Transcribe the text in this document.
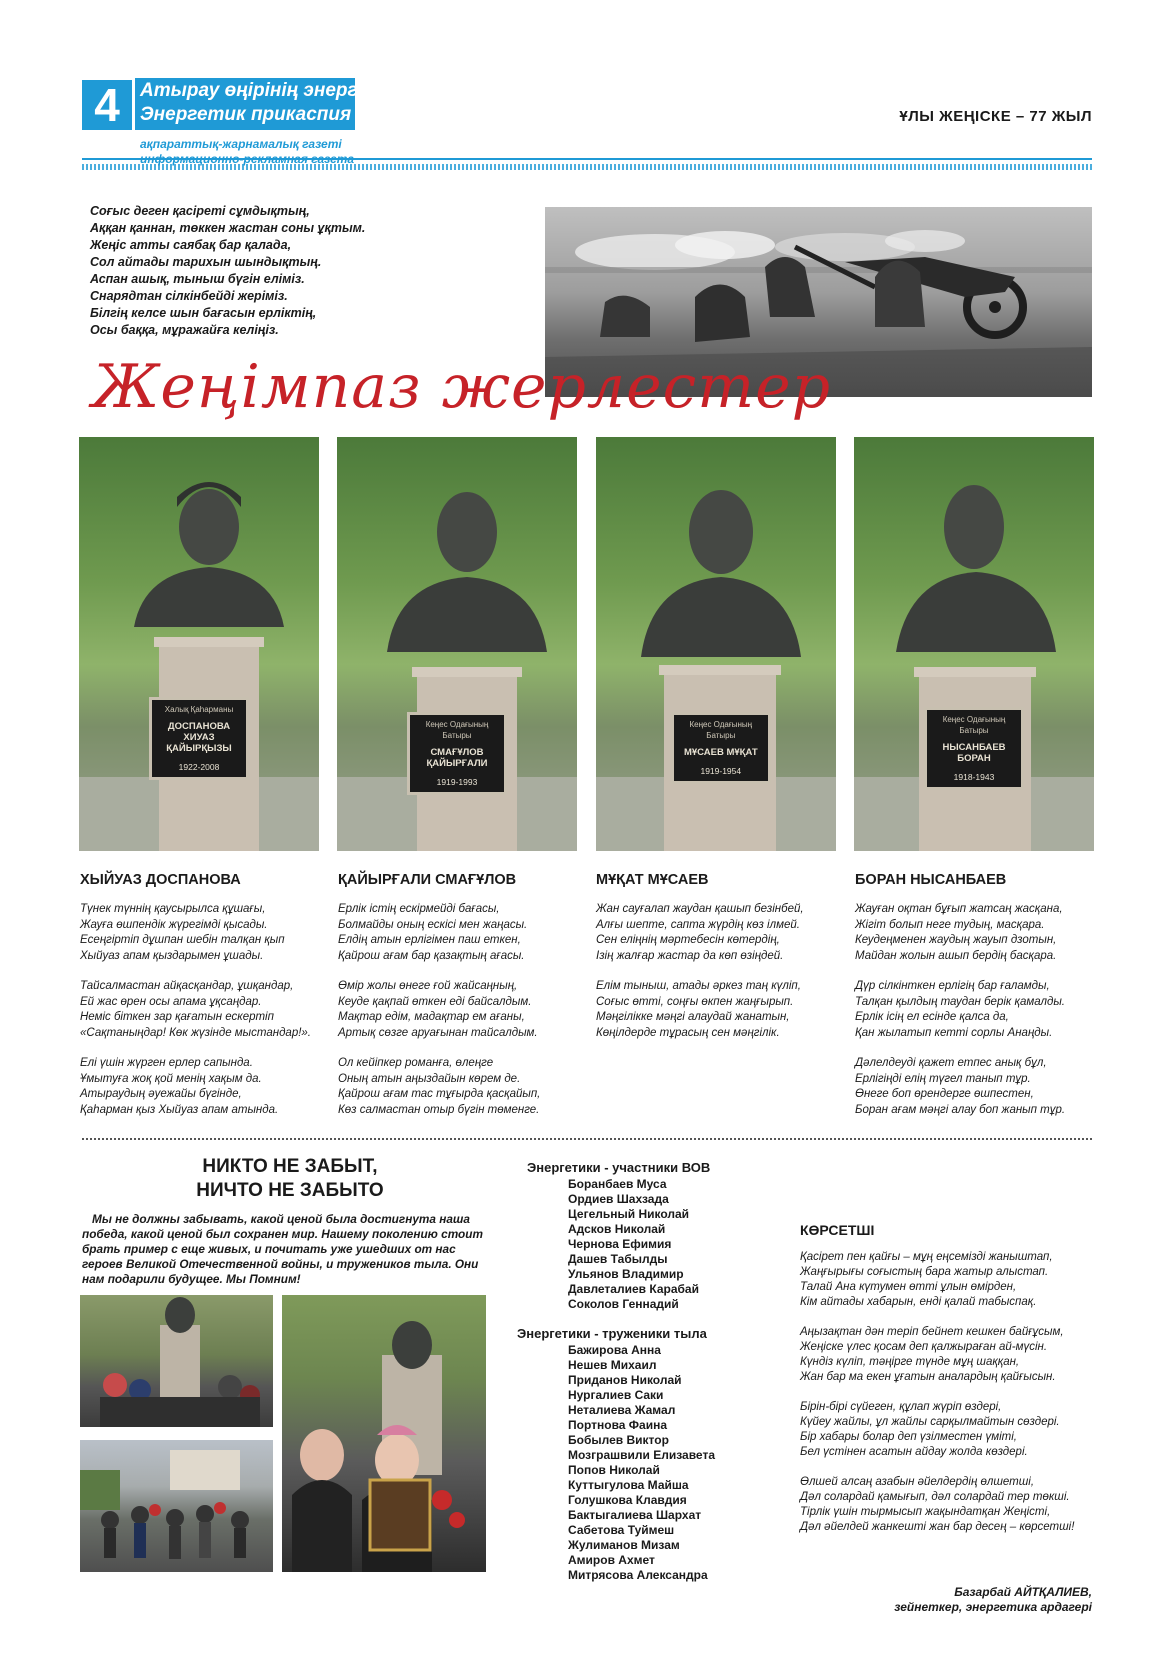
4	Атырау өңірінің энергетигі
Энергетик прикаспия
ақпараттық-жарнамалық газеті
ҰЛЫ ЖЕҢІСКЕ – 77 ЖЫЛ
Соғыс деген қасіреті сұмдықтың,
Аққан қаннан, төккен жастан соны ұқтым.
Жеңіс атты саябақ бар қалада,
Сол айтады тарихын шындықтың.
Аспан ашық, тыныш бүгін еліміз.
Снарядтан сілкінбейді жеріміз.
Білгің келсе шын бағасын ерліктің,
Осы баққа, мұражайға келіңіз.
Жеңімпаз жерлестер
Халық Қаһарманы
ДОСПАНОВА ХИУАЗ ҚАЙЫРҚЫЗЫ
1922-2008
Кеңес Одағының Батыры
СМАҒҰЛОВ ҚАЙЫРҒАЛИ
1919-1993
Кеңес Одағының Батыры
МҰСАЕВ МҰҚАТ
1919-1954
Кеңес Одағының Батыры
НЫСАНБАЕВ БОРАН
1918-1943
ХЫЙУАЗ ДОСПАНОВА	ҚАЙЫРҒАЛИ СМАҒҰЛОВ	МҰҚАТ МҰСАЕВ	БОРАН НЫСАНБАЕВ
Түнек түннің қаусырылса құшағы,
Жауға өшпендік жүрегімді қысады.
Есеңгіртіп дұшпан шебін талқан қып
Хыйуаз апам қыздарымен ұшады.
Тайсалмастан айқасқандар, ұшқандар,
Ей жас өрен осы апама ұқсаңдар.
Неміс біткен зар қағатын ескертіп
«Сақтаныңдар! Көк жүзінде мыстандар!».
Елі үшін жүрген ерлер сапында.
Ұмытуға жоқ қой менің хақым да.
Атыраудың әуежайы бүгінде,
Қаһарман қыз Хыйуаз апам атында.
Ерлік істің ескірмейді бағасы,
Болмайды оның ескісі мен жаңасы.
Елдің атын ерлігімен паш еткен,
Қайрош ағам бар қазақтың ағасы.
Өмір жолы өнеге ғой жайсаңның,
Кеуде қақпай өткен еді байсалдым.
Мақтар едім, мадақтар ем ағаны,
Артық сөзге аруағынан тайсалдым.
Ол кейіпкер романға, өлеңге
Оның атын аңыздайын көрем де.
Қайрош ағам тас тұғырда қасқайып,
Көз салмастан отыр бүгін төменге.
Жан сауғалап жаудан қашып безінбей,
Алғы шепте, сапта жүрдің көз ілмей.
Сен еліңнің мәртебесін көтердің,
Ізің жалғар жастар да көп өзіңдей.
Елім тыныш, атады әркез таң күліп,
Соғыс өтті, соңғы өкпен жаңғырып.
Мәңгілікке мәңгі алаудай жанатын,
Көңілдерде тұрасың сен мәңгілік.
Жауған оқтан бұғып жатсаң жасқана,
Жігіт болып неге тудың, масқара.
Кеудеңменен жаудың жауып дзотын,
Майдан жолын ашып бердің басқара.
Дүр сілкінткен ерлігің бар ғаламды,
Талқан қылдың таудан берік қамалды.
Ерлік ісің ел есінде қалса да,
Қан жылатып кетті сорлы Анаңды.
Дәлелдеуді қажет етпес анық бұл,
Ерлігіңді елің түгел танып тұр.
Өнеге боп өрендерге өшпестен,
Боран ағам мәңгі алау боп жанып тұр.
НИКТО НЕ ЗАБЫТ,
НИЧТО НЕ ЗАБЫТО
Мы не должны забывать, какой ценой была достигнута наша победа, какой ценой был сохранен мир. Нашему поколению стоит брать пример с еще живых, и почитать уже ушедших от нас героев Великой Отечественной войны, и тружеников тыла. Они нам подарили будущее. Мы Помним!
Энергетики - участники ВОВ
Боранбаев Муса
Ордиев Шахзада
Цегельный Николай
Адсков Николай
Чернова Ефимия
Дашев Табылды
Ульянов Владимир
Давлеталиев Карабай
Соколов Геннадий
Энергетики - труженики тыла
Бажирова Анна
Нешев Михаил
Приданов Николай
Нургалиев Саки
Неталиева Жамал
Портнова Фаина
Бобылев Виктор
Мозграшвили Елизавета
Попов Николай
Куттыгулова Майша
Голушкова Клавдия
Бактыгалиева Шархат
Сабетова Туймеш
Жулиманов Мизам
Амиров Ахмет
Митрясова Александра
КӨРСЕТШІ
Қасірет пен қайғы – мұң еңсемізді жаныштап,
Жаңғырығы соғыстың бара жатыр алыстап.
Талай Ана күтумен өтті ұлын өмірден,
Кім айтады хабарын, енді қалай табыспақ.
Аңызақтан дән теріп бейнет кешкен байғұсым,
Жеңіске үлес қосам деп қалжыраған ай-мүсін.
Күндіз күліп, тәңірге түнде мұң шаққан,
Жан бар ма екен ұғатын аналардың қайғысын.
Бірін-бірі сүйеген, құлап жүріп өздері,
Күйеу жайлы, ұл жайлы сарқылмайтын сөздері.
Бір хабары болар деп үзілместен үміті,
Бел үстінен асатын айдау жолда көздері.
Өлшей алсаң азабын әйелдердің өлшетші,
Дәл солардай қамығып, дәл солардай тер төкші.
Тірлік үшін тырмысып жақындатқан Жеңісті,
Дәл әйелдей жанкешті жан бар десең – көрсетші!
Базарбай АЙТҚАЛИЕВ,
зейнеткер, энергетика ардагері
